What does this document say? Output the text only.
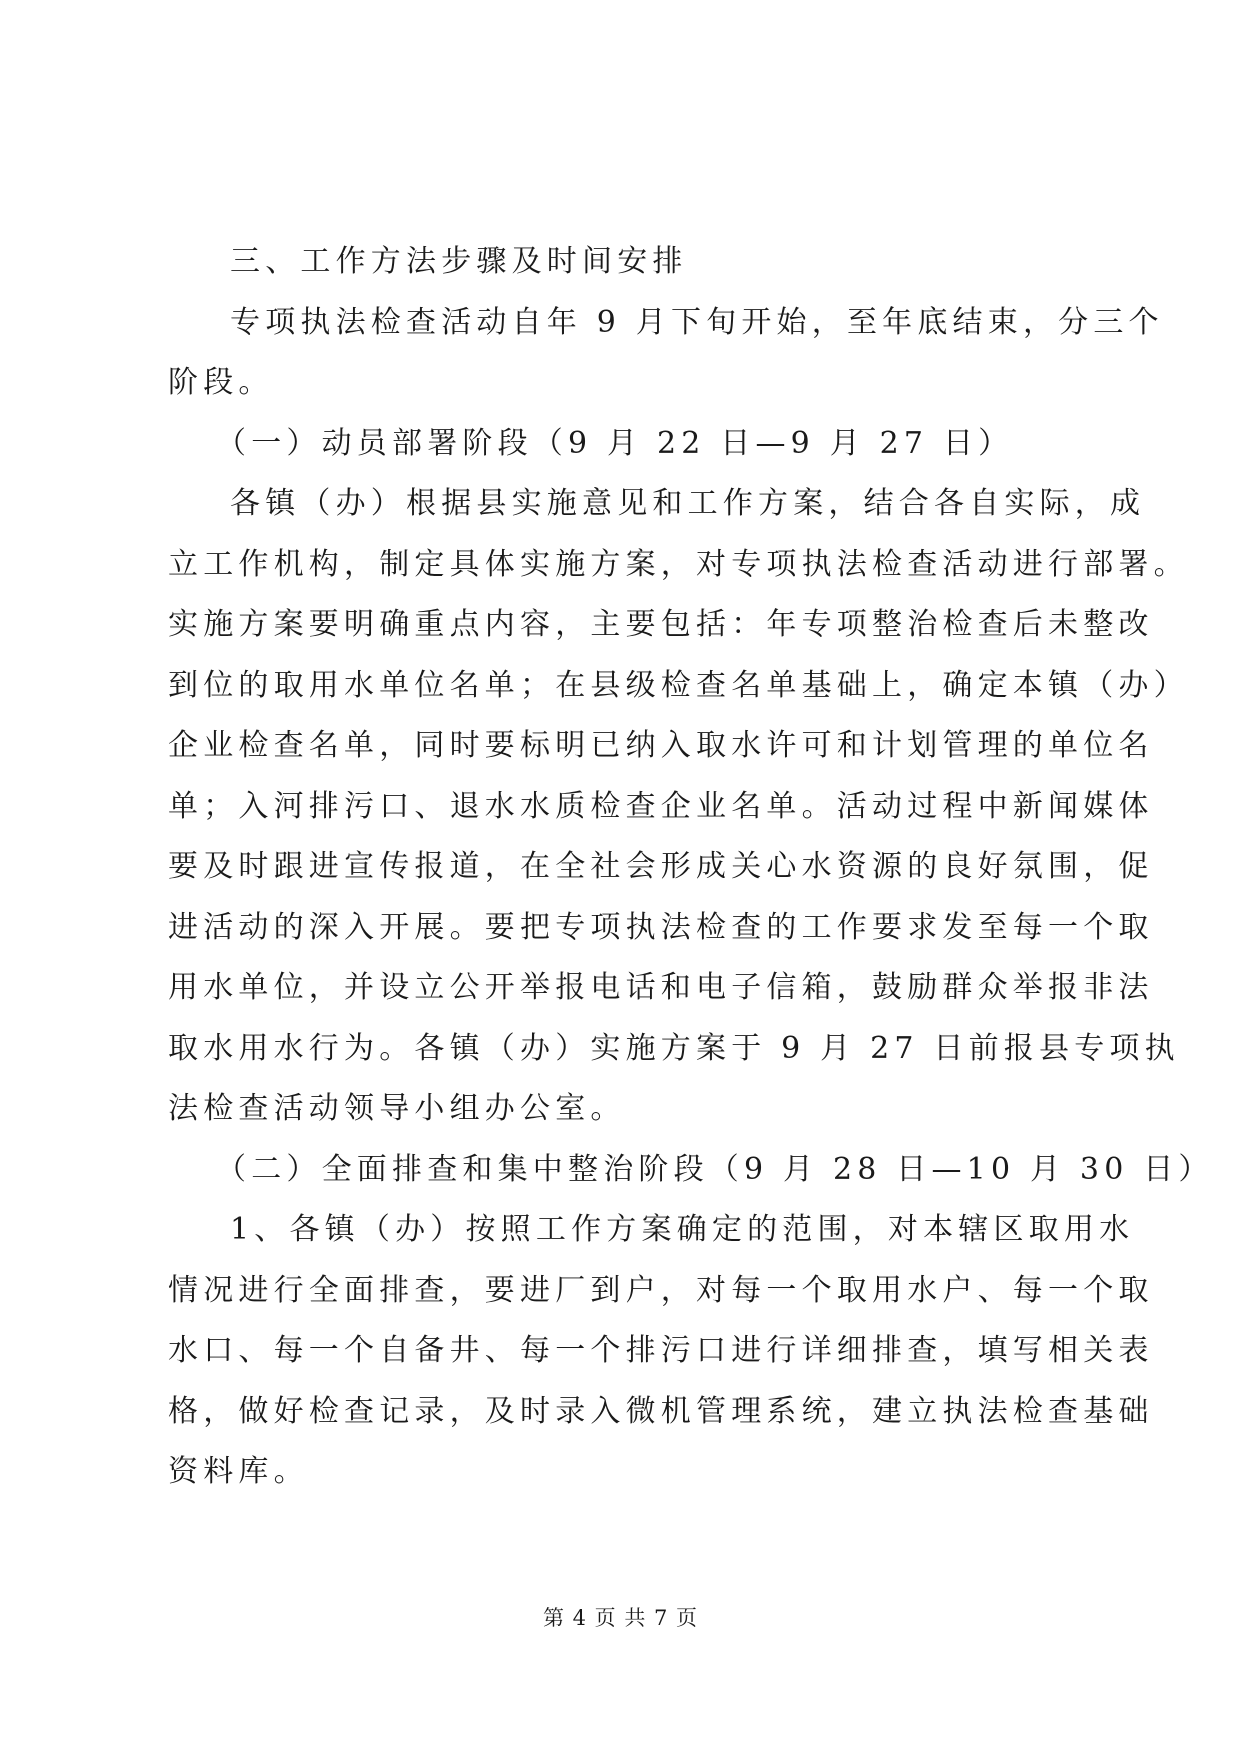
三、工作方法步骤及时间安排
专项执法检查活动自年 9 月下旬开始，至年底结束，分三个
阶段。
（一）动员部署阶段（9 月 22 日—9 月 27 日）
各镇（办）根据县实施意见和工作方案，结合各自实际，成
立工作机构，制定具体实施方案，对专项执法检查活动进行部署。
实施方案要明确重点内容，主要包括：年专项整治检查后未整改
到位的取用水单位名单；在县级检查名单基础上，确定本镇（办）
企业检查名单，同时要标明已纳入取水许可和计划管理的单位名
单；入河排污口、退水水质检查企业名单。活动过程中新闻媒体
要及时跟进宣传报道，在全社会形成关心水资源的良好氛围，促
进活动的深入开展。要把专项执法检查的工作要求发至每一个取
用水单位，并设立公开举报电话和电子信箱，鼓励群众举报非法
取水用水行为。各镇（办）实施方案于 9 月 27 日前报县专项执
法检查活动领导小组办公室。
（二）全面排查和集中整治阶段（9 月 28 日—10 月 30 日）
1、各镇（办）按照工作方案确定的范围，对本辖区取用水
情况进行全面排查，要进厂到户，对每一个取用水户、每一个取
水口、每一个自备井、每一个排污口进行详细排查，填写相关表
格，做好检查记录，及时录入微机管理系统，建立执法检查基础
资料库。
第 4 页 共 7 页
